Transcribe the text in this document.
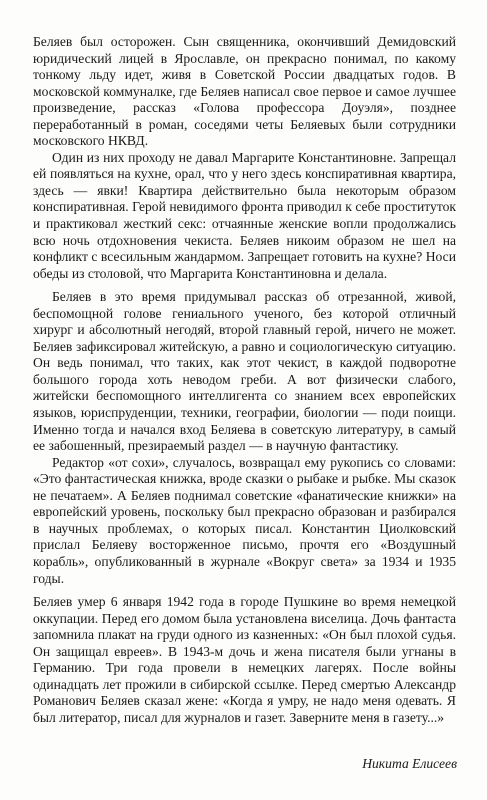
Беляев был осторожен. Сын священника, окончивший Демидовский юридический лицей в Ярославле, он прекрасно понимал, по какому тонкому льду идет, живя в Советской России двадцатых годов. В московской коммуналке, где Беляев написал свое первое и самое лучшее произведение, рассказ «Голова профессора Доуэля», позднее переработанный в роман, соседями четы Беляевых были сотрудники московского НКВД.

Один из них проходу не давал Маргарите Константиновне. Запрещал ей появляться на кухне, орал, что у него здесь конспиративная квартира, здесь — явки! Квартира действительно была некоторым образом конспиративная. Герой невидимого фронта приводил к себе проституток и практиковал жесткий секс: отчаянные женские вопли продолжались всю ночь отдохновения чекиста. Беляев никоим образом не шел на конфликт с всесильным жандармом. Запрещает готовить на кухне? Носи обеды из столовой, что Маргарита Константиновна и делала.

Беляев в это время придумывал рассказ об отрезанной, живой, беспомощной голове гениального ученого, без которой отличный хирург и абсолютный негодяй, второй главный герой, ничего не может. Беляев зафиксировал житейскую, а равно и социологическую ситуацию. Он ведь понимал, что таких, как этот чекист, в каждой подворотне большого города хоть неводом греби. А вот физически слабого, житейски беспомощного интеллигента со знанием всех европейских языков, юриспруденции, техники, географии, биологии — поди поищи. Именно тогда и начался вход Беляева в советскую литературу, в самый ее забошенный, презираемый раздел — в научную фантастику.

Редактор «от сохи», случалось, возвращал ему рукопись со словами: «Это фантастическая книжка, вроде сказки о рыбаке и рыбке. Мы сказок не печатаем». А Беляев поднимал советские «фанатические книжки» на европейский уровень, поскольку был прекрасно образован и разбирался в научных проблемах, о которых писал. Константин Циолковский прислал Беляеву восторженное письмо, прочтя его «Воздушный корабль», опубликованный в журнале «Вокруг света» за 1934 и 1935 годы.

Беляев умер 6 января 1942 года в городе Пушкине во время немецкой оккупации. Перед его домом была установлена виселица. Дочь фантаста запомнила плакат на груди одного из казненных: «Он был плохой судья. Он защищал евреев». В 1943-м дочь и жена писателя были угнаны в Германию. Три года провели в немецких лагерях. После войны одинадцать лет прожили в сибирской ссылке. Перед смертью Александр Романович Беляев сказал жене: «Когда я умру, не надо меня одевать. Я был литератор, писал для журналов и газет. Заверните меня в газету...»

Никита Елисеев
